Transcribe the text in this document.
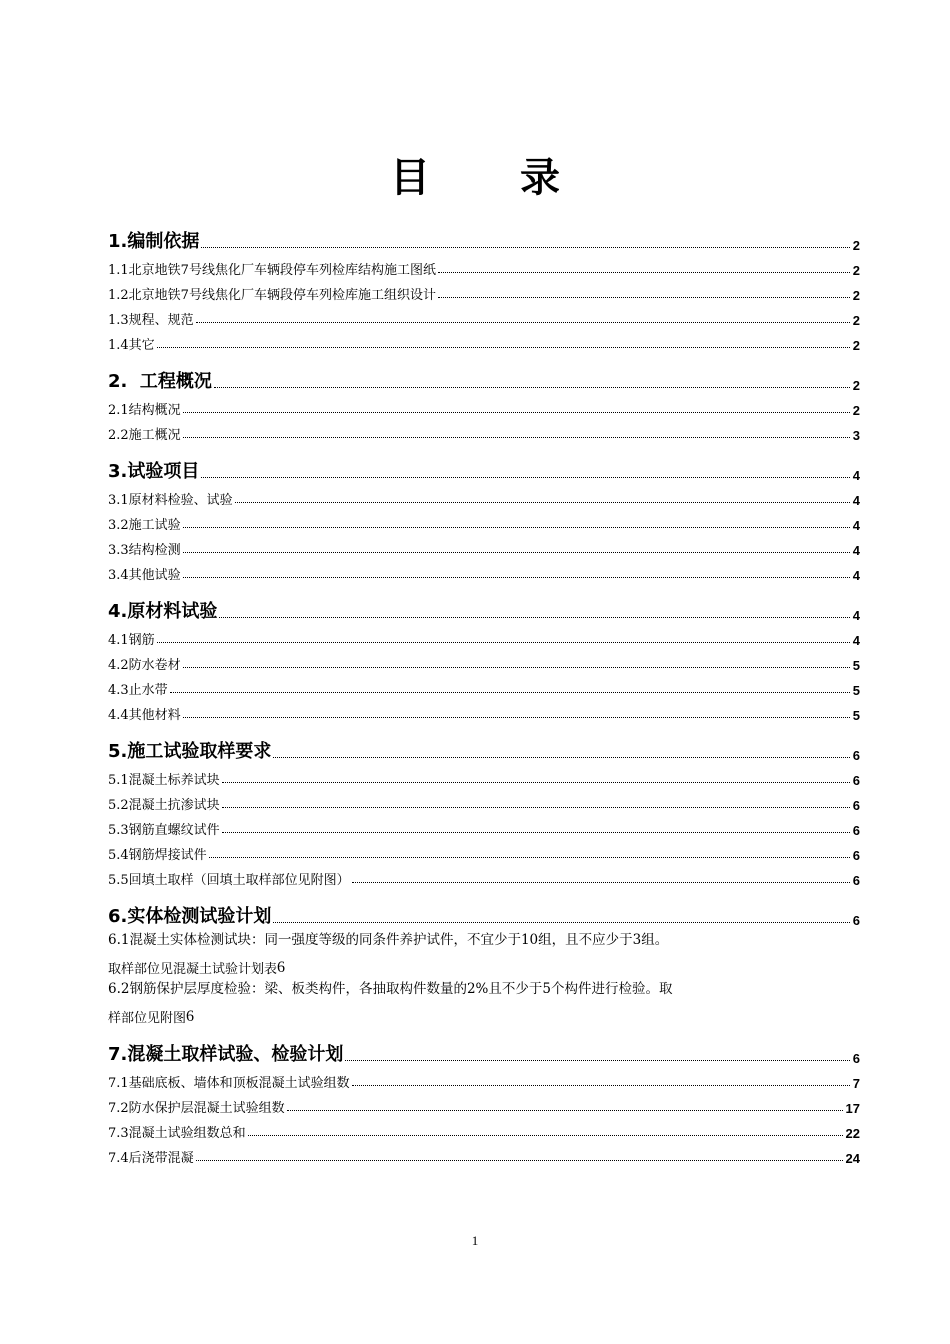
目 录
1.编制依据	2
1.1北京地铁7号线焦化厂车辆段停车列检库结构施工图纸	2
1.2北京地铁7号线焦化厂车辆段停车列检库施工组织设计	2
1.3规程、规范	2
1.4其它	2
2.  工程概况	2
2.1结构概况	2
2.2施工概况	3
3.试验项目	4
3.1原材料检验、试验	4
3.2施工试验	4
3.3结构检测	4
3.4其他试验	4
4.原材料试验	4
4.1钢筋	4
4.2防水卷材	5
4.3止水带	5
4.4其他材料	5
5.施工试验取样要求	6
5.1混凝土标养试块	6
5.2混凝土抗渗试块	6
5.3钢筋直螺纹试件	6
5.4钢筋焊接试件	6
5.5回填土取样（回填土取样部位见附图）	6
6.实体检测试验计划	6
6.1混凝土实体检测试块：同一强度等级的同条件养护试件，不宜少于10组，且不应少于3组。
取样部位见混凝土试验计划表 6
6.2钢筋保护层厚度检验：梁、板类构件，各抽取构件数量的2%且不少于5个构件进行检验。取
样部位见附图 6
7.混凝土取样试验、检验计划	6
7.1基础底板、墙体和顶板混凝土试验组数	7
7.2防水保护层混凝土试验组数	17
7.3混凝土试验组数总和	22
7.4后浇带混凝	24
1
